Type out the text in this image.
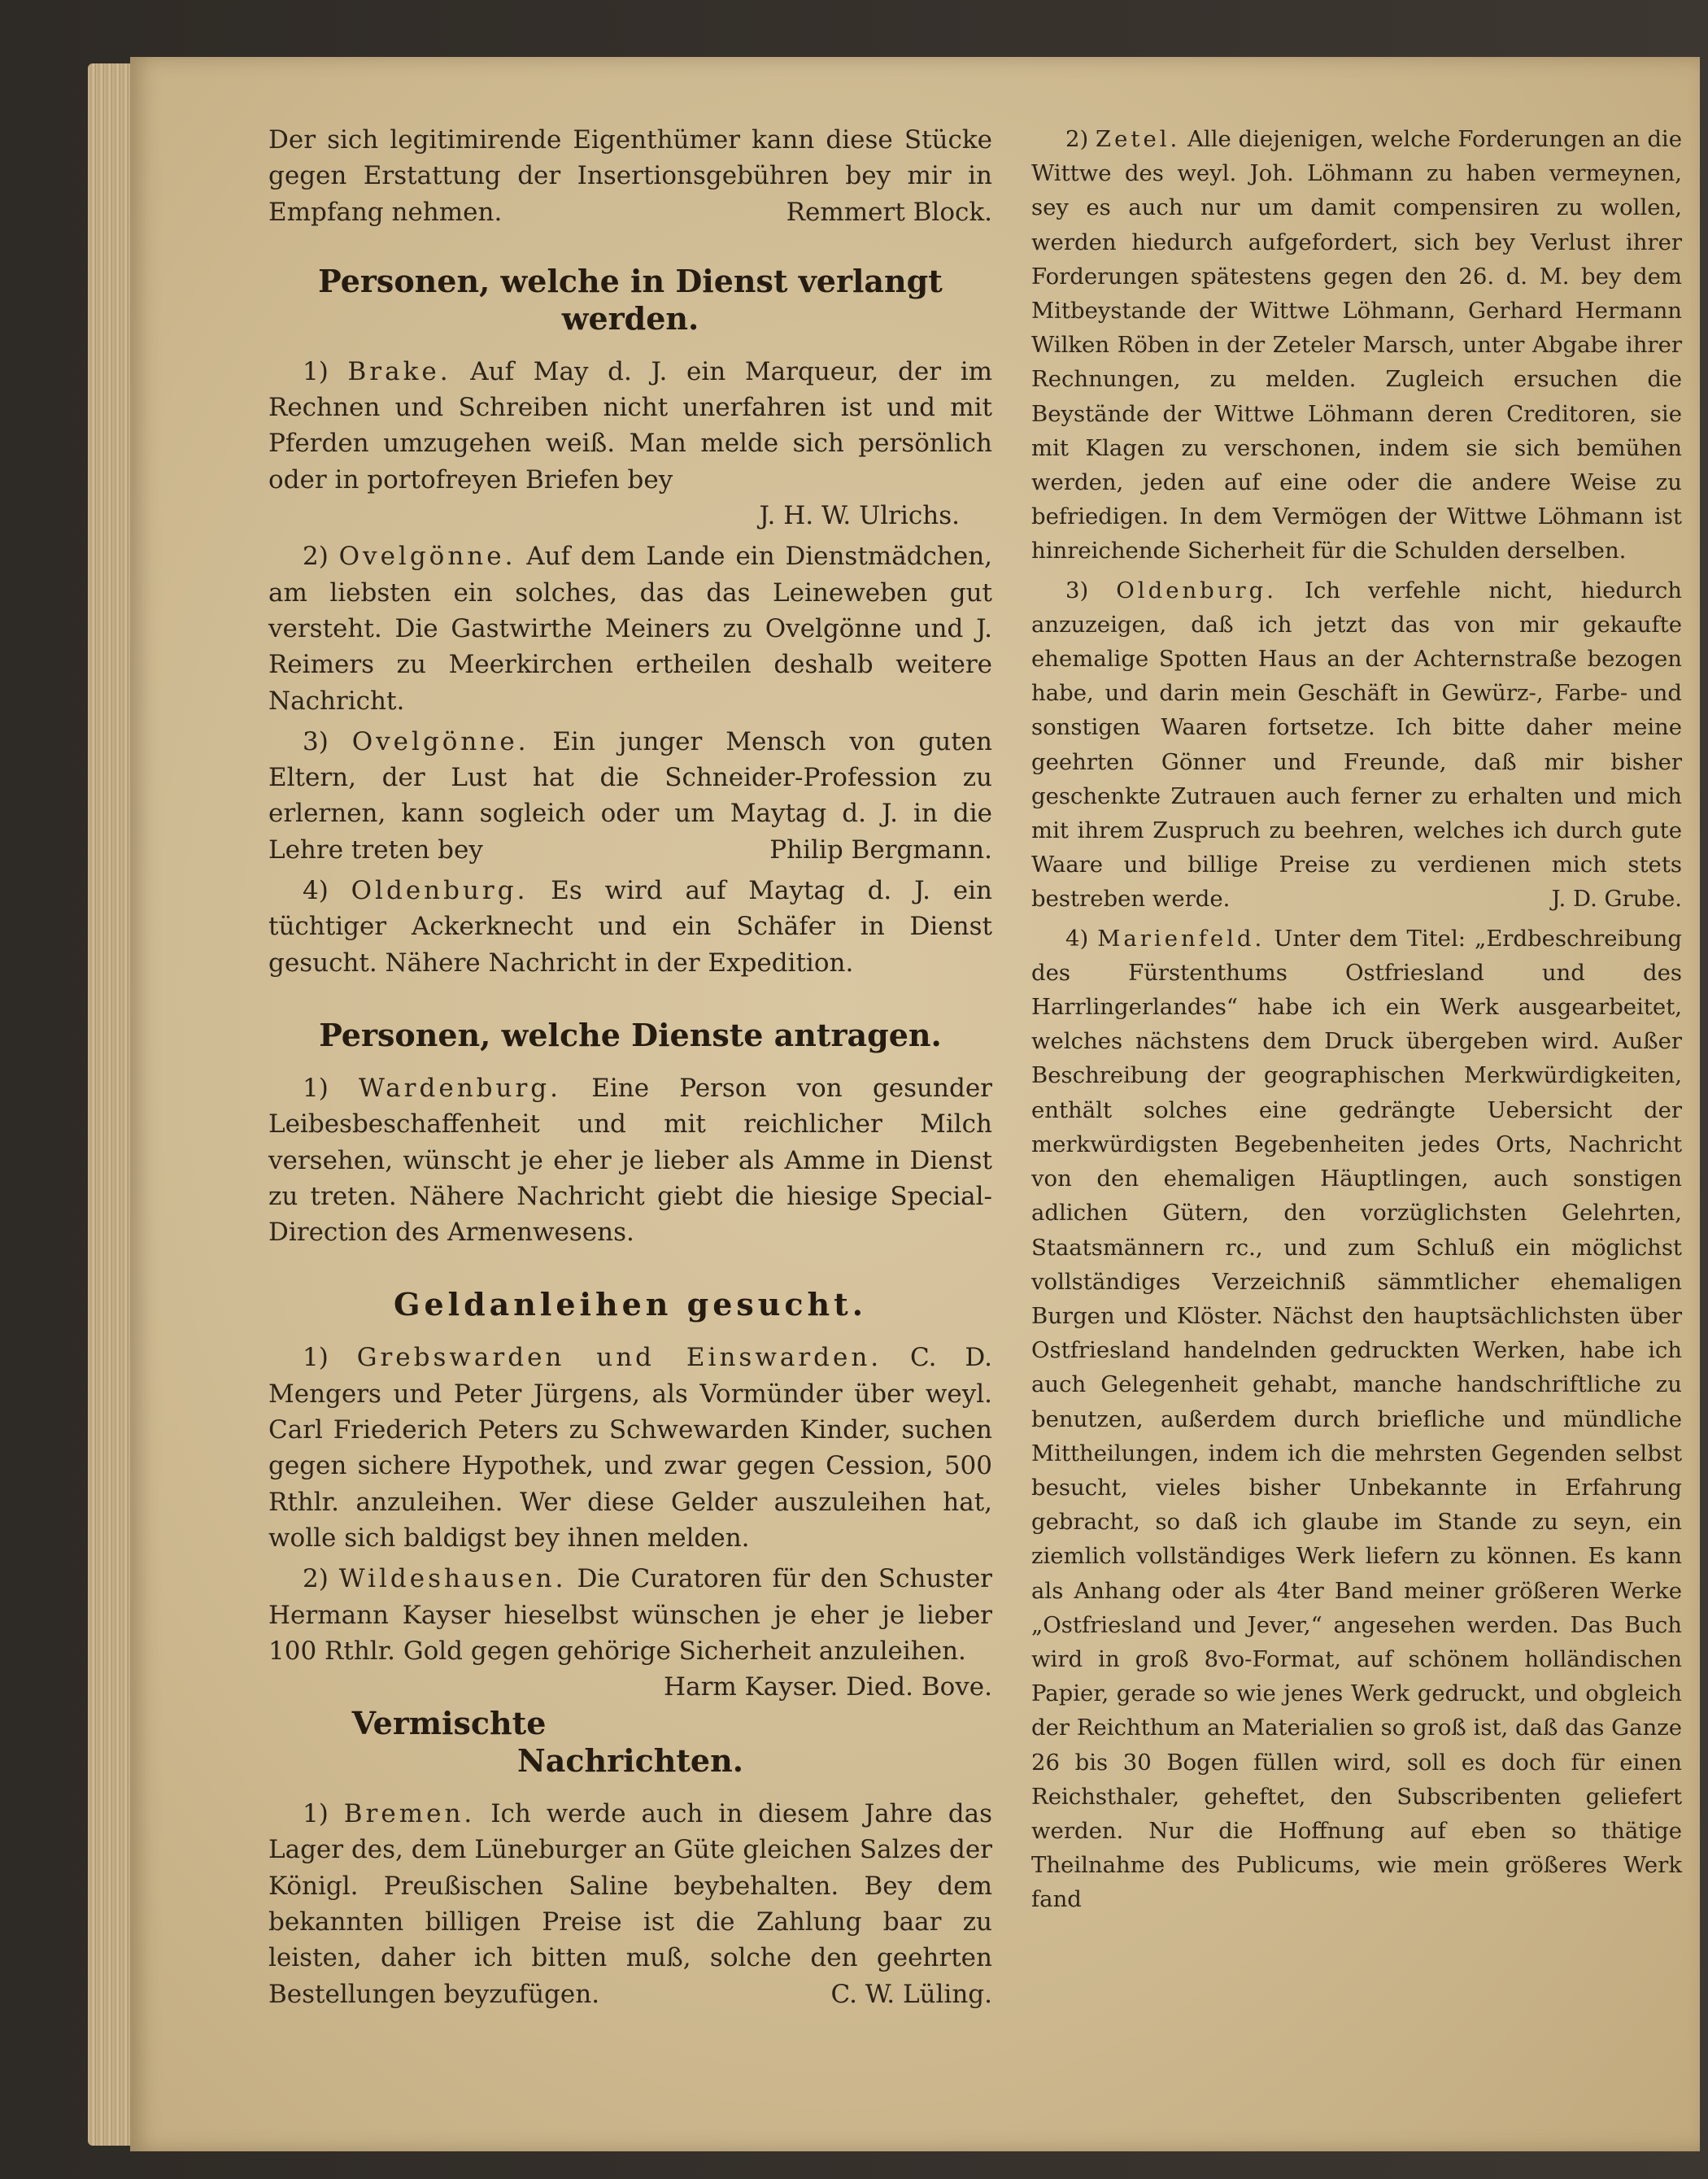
Der sich legitimirende Eigenthümer kann diese Stücke gegen Erstattung der Insertionsgebühren bey mir in Empfang nehmen.	Remmert Block.

Personen, welche in Dienst verlangt werden.

1) Brake. Auf May d. J. ein Marqueur, der im Rechnen und Schreiben nicht unerfahren ist und mit Pferden umzugehen weiß. Man melde sich persönlich oder in portofreyen Briefen bey
J. H. W. Ulrichs.

2) Ovelgönne. Auf dem Lande ein Dienstmädchen, am liebsten ein solches, das das Leineweben gut versteht. Die Gastwirthe Meiners zu Ovelgönne und J. Reimers zu Meerkirchen ertheilen deshalb weitere Nachricht.

3) Ovelgönne. Ein junger Mensch von guten Eltern, der Lust hat die Schneider-Profession zu erlernen, kann sogleich oder um Maytag d. J. in die Lehre treten bey	Philip Bergmann.

4) Oldenburg. Es wird auf Maytag d. J. ein tüchtiger Ackerknecht und ein Schäfer in Dienst gesucht. Nähere Nachricht in der Expedition.

Personen, welche Dienste antragen.

1) Wardenburg. Eine Person von gesunder Leibesbeschaffenheit und mit reichlicher Milch versehen, wünscht je eher je lieber als Amme in Dienst zu treten. Nähere Nachricht giebt die hiesige Special-Direction des Armenwesens.

Geldanleihen gesucht.

1) Grebswarden und Einswarden. C. D. Mengers und Peter Jürgens, als Vormünder über weyl. Carl Friederich Peters zu Schwewarden Kinder, suchen gegen sichere Hypothek, und zwar gegen Cession, 500 Rthlr. anzuleihen. Wer diese Gelder auszuleihen hat, wolle sich baldigst bey ihnen melden.

2) Wildeshausen. Die Curatoren für den Schuster Hermann Kayser hieselbst wünschen je eher je lieber 100 Rthlr. Gold gegen gehörige Sicherheit anzuleihen.
Harm Kayser. Died. Bove.

Vermischte Nachrichten.

1) Bremen. Ich werde auch in diesem Jahre das Lager des, dem Lüneburger an Güte gleichen Salzes der Königl. Preußischen Saline beybehalten. Bey dem bekannten billigen Preise ist die Zahlung baar zu leisten, daher ich bitten muß, solche den geehrten Bestellungen beyzufügen.	C. W. Lüling.

2) Zetel. Alle diejenigen, welche Forderungen an die Wittwe des weyl. Joh. Löhmann zu haben vermeynen, sey es auch nur um damit compensiren zu wollen, werden hiedurch aufgefordert, sich bey Verlust ihrer Forderungen spätestens gegen den 26. d. M. bey dem Mitbeystande der Wittwe Löhmann, Gerhard Hermann Wilken Röben in der Zeteler Marsch, unter Abgabe ihrer Rechnungen, zu melden. Zugleich ersuchen die Beyständе der Wittwe Löhmann deren Creditoren, sie mit Klagen zu verschonen, indem sie sich bemühen werden, jeden auf eine oder die andere Weise zu befriedigen. In dem Vermögen der Wittwe Löhmann ist hinreichende Sicherheit für die Schulden derselben.

3) Oldenburg. Ich verfehle nicht, hiedurch anzuzeigen, daß ich jetzt das von mir gekaufte ehemalige Spotten Haus an der Achternstraße bezogen habe, und darin mein Geschäft in Gewürz-, Farbe- und sonstigen Waaren fortsetze. Ich bitte daher meine geehrten Gönner und Freunde, daß mir bisher geschenkte Zutrauen auch ferner zu erhalten und mich mit ihrem Zuspruch zu beehren, welches ich durch gute Waare und billige Preise zu verdienen mich stets bestreben werde.	J. D. Grube.

4) Marienfeld. Unter dem Titel: „Erdbeschreibung des Fürstenthums Ostfriesland und des Harrlingerlandes“ habe ich ein Werk ausgearbeitet, welches nächstens dem Druck übergeben wird. Außer Beschreibung der geographischen Merkwürdigkeiten, enthält solches eine gedrängte Uebersicht der merkwürdigsten Begebenheiten jedes Orts, Nachricht von den ehemaligen Häuptlingen, auch sonstigen adlichen Gütern, den vorzüglichsten Gelehrten, Staatsmännern rc., und zum Schluß ein möglichst vollständiges Verzeichniß sämmtlicher ehemaligen Burgen und Klöster. Nächst den hauptsächlichsten über Ostfriesland handelnden gedruckten Werken, habe ich auch Gelegenheit gehabt, manche handschriftliche zu benutzen, außerdem durch briefliche und mündliche Mittheilungen, indem ich die mehrsten Gegenden selbst besucht, vieles bisher Unbekannte in Erfahrung gebracht, so daß ich glaube im Stande zu seyn, ein ziemlich vollständiges Werk liefern zu können. Es kann als Anhang oder als 4ter Band meiner größeren Werke „Ostfriesland und Jever,“ angesehen werden. Das Buch wird in groß 8vo-Format, auf schönem holländischen Papier, gerade so wie jenes Werk gedruckt, und obgleich der Reichthum an Materialien so groß ist, daß das Ganze 26 bis 30 Bogen füllen wird, soll es doch für einen Reichsthaler, geheftet, den Subscribenten geliefert werden. Nur die Hoffnung auf eben so thätige Theilnahme des Publicums, wie mein größeres Werk fand
